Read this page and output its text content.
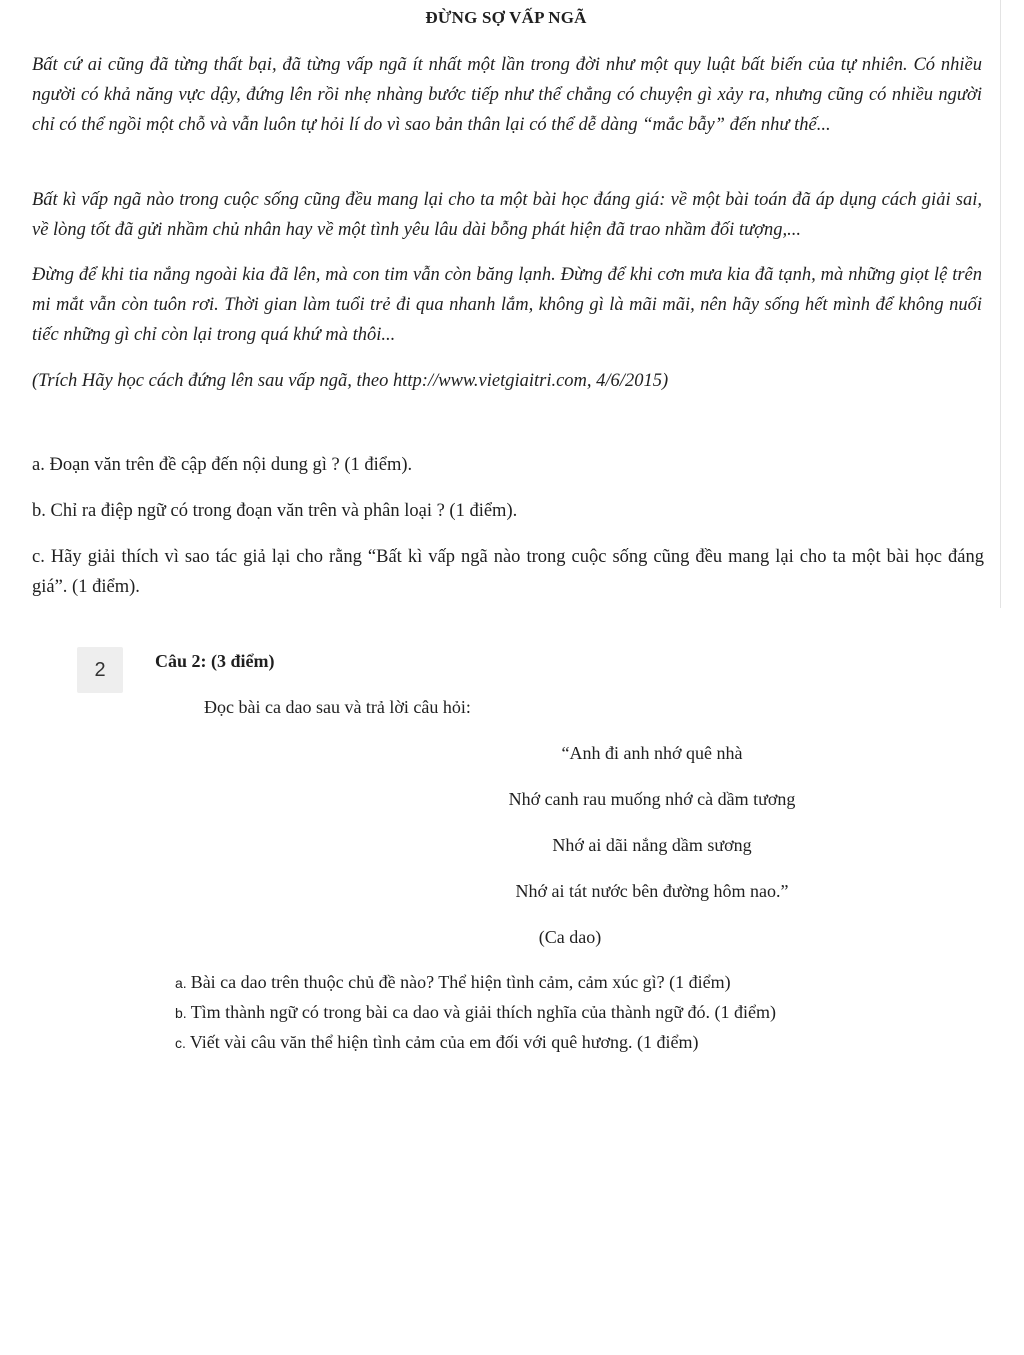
ĐỪNG SỢ VẤP NGÃ
Bất cứ ai cũng đã từng thất bại, đã từng vấp ngã ít nhất một lần trong đời như một quy luật bất biến của tự nhiên. Có nhiều người có khả năng vực dậy, đứng lên rồi nhẹ nhàng bước tiếp như thể chẳng có chuyện gì xảy ra, nhưng cũng có nhiều người chỉ có thể ngồi một chỗ và vẫn luôn tự hỏi lí do vì sao bản thân lại có thể dễ dàng “mắc bẫy” đến như thế...
Bất kì vấp ngã nào trong cuộc sống cũng đều mang lại cho ta một bài học đáng giá: về một bài toán đã áp dụng cách giải sai, về lòng tốt đã gửi nhầm chủ nhân hay về một tình yêu lâu dài bỗng phát hiện đã trao nhầm đối tượng,...
Đừng để khi tia nắng ngoài kia đã lên, mà con tim vẫn còn băng lạnh. Đừng để khi cơn mưa kia đã tạnh, mà những giọt lệ trên mi mắt vẫn còn tuôn rơi. Thời gian làm tuổi trẻ đi qua nhanh lắm, không gì là mãi mãi, nên hãy sống hết mình để không nuối tiếc những gì chỉ còn lại trong quá khứ mà thôi...
(Trích Hãy học cách đứng lên sau vấp ngã, theo http://www.vietgiaitri.com, 4/6/2015)
a. Đoạn văn trên đề cập đến nội dung gì ? (1 điểm).
b. Chỉ ra điệp ngữ có trong đoạn văn trên và phân loại ? (1 điểm).
c. Hãy giải thích vì sao tác giả lại cho rằng “Bất kì vấp ngã nào trong cuộc sống cũng đều mang lại cho ta một bài học đáng giá”. (1 điểm).
2	Câu 2: (3 điểm)
Đọc bài ca dao sau và trả lời câu hỏi:
“Anh đi anh nhớ quê nhà
Nhớ canh rau muống nhớ cà dầm tương
Nhớ ai dãi nắng dầm sương
Nhớ ai tát nước bên đường hôm nao.”
(Ca dao)
a. Bài ca dao trên thuộc chủ đề nào? Thể hiện tình cảm, cảm xúc gì? (1 điểm)
b. Tìm thành ngữ có trong bài ca dao và giải thích nghĩa của thành ngữ đó. (1 điểm)
c. Viết vài câu văn thể hiện tình cảm của em đối với quê hương. (1 điểm)
